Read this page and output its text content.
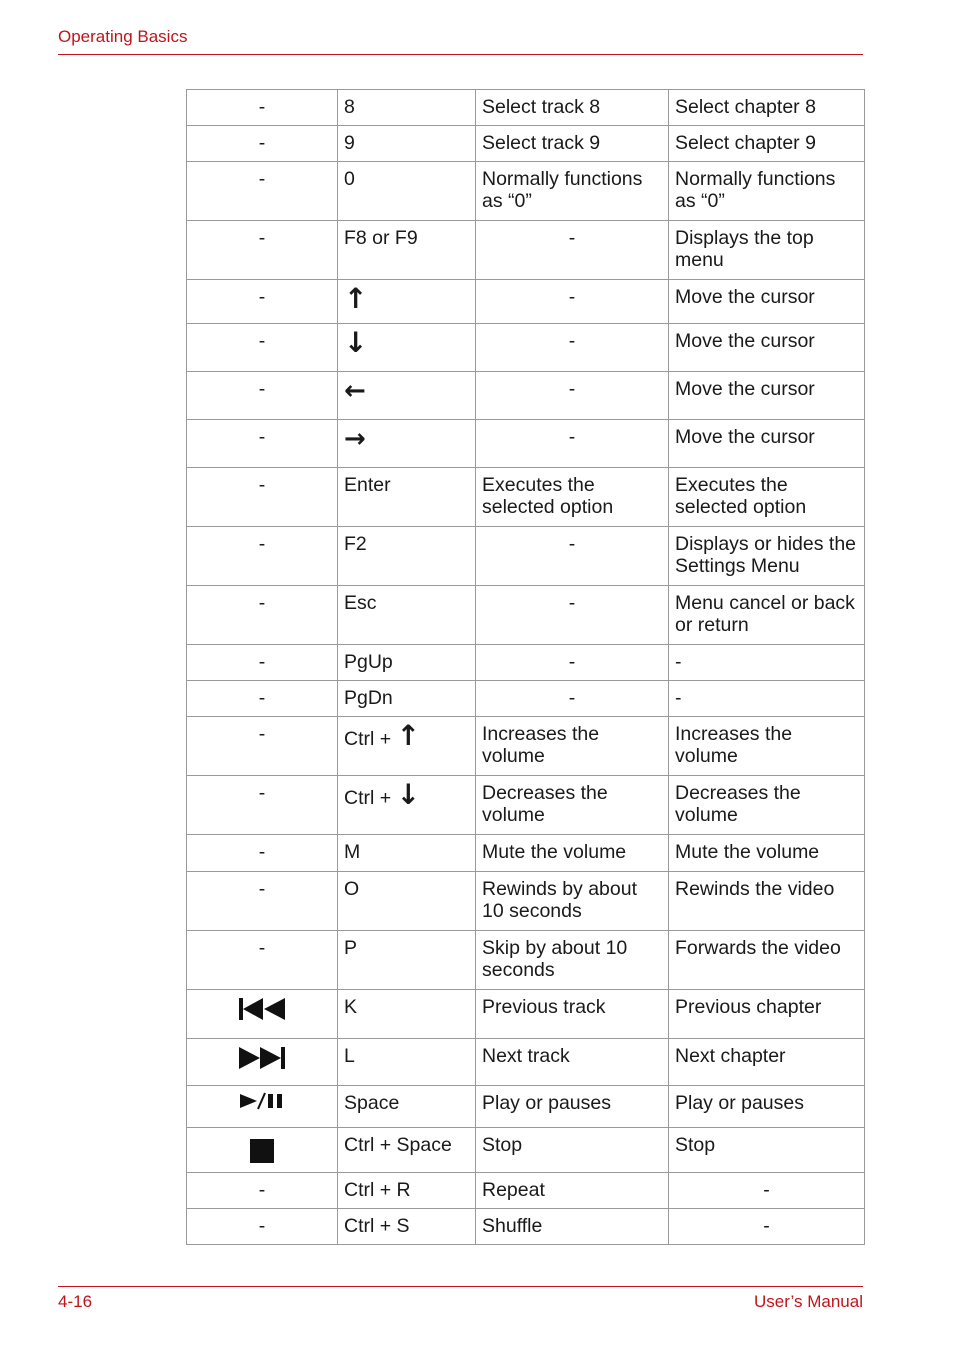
Operating Basics
-	8	Select track 8	Select chapter 8
-	9	Select track 9	Select chapter 9
-	0	Normally functions as “0”	Normally functions as “0”
-	F8 or F9	-	Displays the top menu
-	↑	-	Move the cursor
-	↓	-	Move the cursor
-	←	-	Move the cursor
-	→	-	Move the cursor
-	Enter	Executes the selected option	Executes the selected option
-	F2	-	Displays or hides the Settings Menu
-	Esc	-	Menu cancel or back or return
-	PgUp	-	-
-	PgDn	-	-
-	Ctrl + ↑	Increases the volume	Increases the volume
-	Ctrl + ↓	Decreases the volume	Decreases the volume
-	M	Mute the volume	Mute the volume
-	O	Rewinds by about 10 seconds	Rewinds the video
-	P	Skip by about 10 seconds	Forwards the video

	K	Previous track	Previous chapter

	L	Next track	Next chapter

	Space	Play or pauses	Play or pauses

	Ctrl + Space	Stop	Stop
-	Ctrl + R	Repeat	-
-	Ctrl + S	Shuffle	-
4-16	User’s Manual
